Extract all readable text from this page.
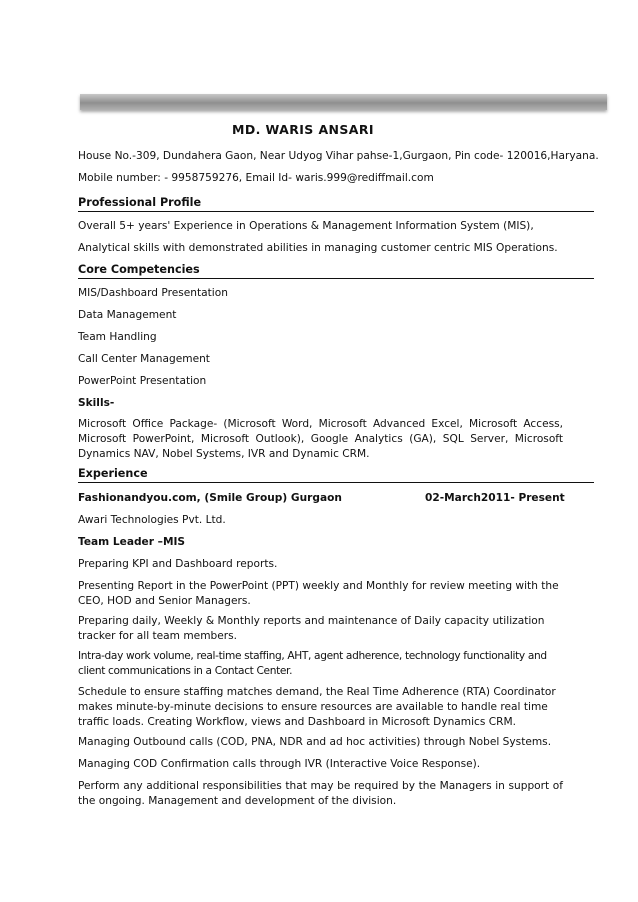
MD. WARIS ANSARI
House No.-309, Dundahera Gaon, Near Udyog Vihar pahse-1,Gurgaon, Pin code- 120016,Haryana.
Mobile number: - 9958759276, Email Id- waris.999@rediffmail.com
Professional Profile
Overall 5+ years' Experience in Operations & Management Information System (MIS),
Analytical skills with demonstrated abilities in managing customer centric MIS Operations.
Core Competencies
MIS/Dashboard Presentation
Data Management
Team Handling
Call Center Management
PowerPoint Presentation
Skills-
Microsoft Office Package- (Microsoft Word, Microsoft Advanced Excel, Microsoft Access, Microsoft PowerPoint, Microsoft Outlook), Google Analytics (GA), SQL Server, Microsoft Dynamics NAV, Nobel Systems, IVR and Dynamic CRM.
Experience
Fashionandyou.com, (Smile Group) Gurgaon	02-March2011- Present
Awari Technologies Pvt. Ltd.
Team Leader –MIS
Preparing KPI and Dashboard reports.
Presenting Report in the PowerPoint (PPT) weekly and Monthly for review meeting with the CEO, HOD and Senior Managers.
Preparing daily, Weekly & Monthly reports and maintenance of Daily capacity utilization tracker for all team members.
Intra-day work volume, real-time staffing, AHT, agent adherence, technology functionality and client communications in a Contact Center.
Schedule to ensure staffing matches demand, the Real Time Adherence (RTA) Coordinator makes minute-by-minute decisions to ensure resources are available to handle real time traffic loads. Creating Workflow, views and Dashboard in Microsoft Dynamics CRM.
Managing Outbound calls (COD, PNA, NDR and ad hoc activities) through Nobel Systems.
Managing COD Confirmation calls through IVR (Interactive Voice Response).
Perform any additional responsibilities that may be required by the Managers in support of the ongoing. Management and development of the division.
